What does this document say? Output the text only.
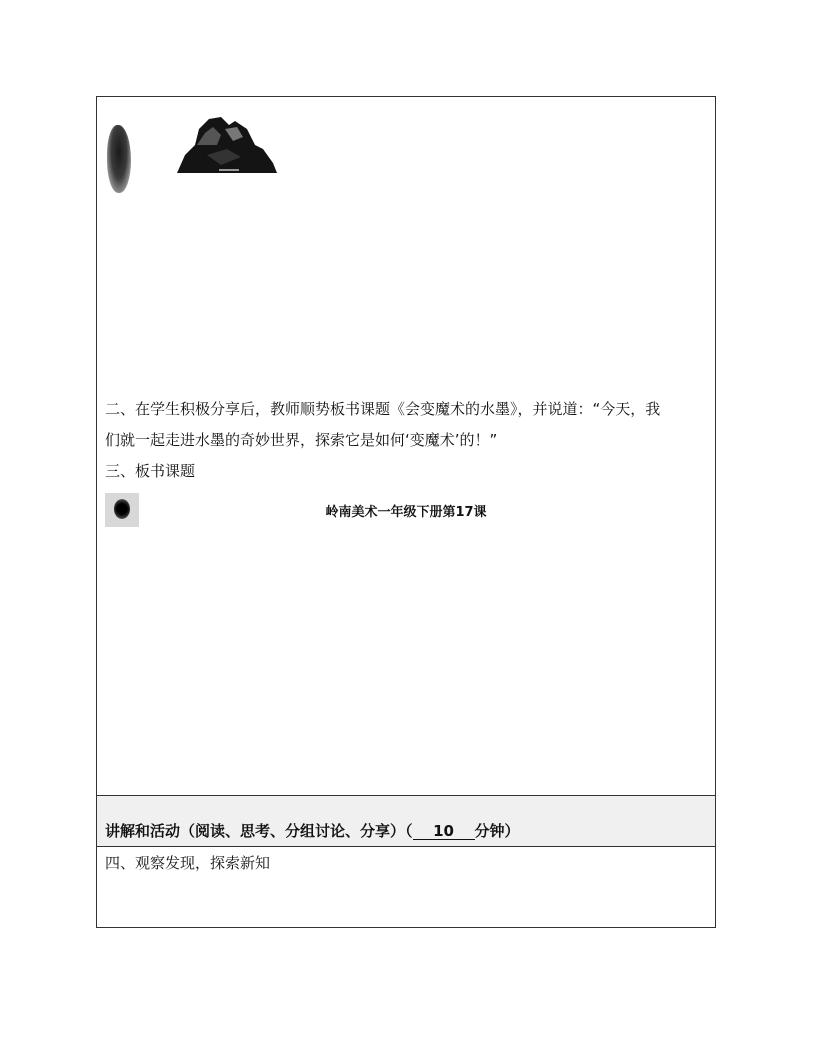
二、在学生积极分享后，教师顺势板书课题《会变魔术的水墨》，并说道：“今天，我
们就一起走进水墨的奇妙世界，探索它是如何‘变魔术’的！”
三、板书课题
岭南美术一年级下册第17课
讲解和活动（阅读、思考、分组讨论、分享）（ 10 分钟）
四、观察发现，探索新知
